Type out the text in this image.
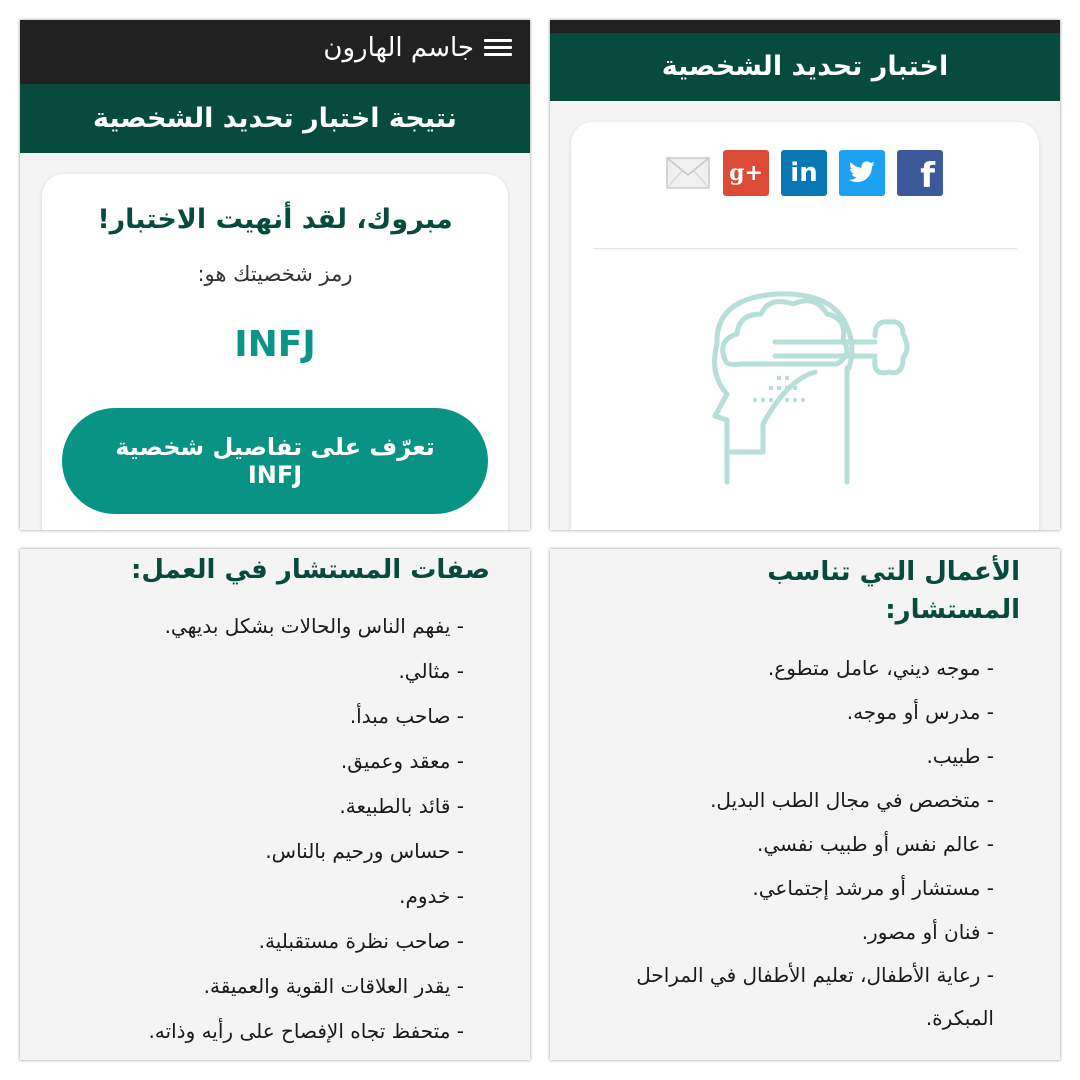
جاسم الهارون
نتيجة اختبار تحديد الشخصية
مبروك، لقد أنهيت الاختبار!
رمز شخصيتك هو:
INFJ
تعرّف على تفاصيل شخصية INFJ
اختبار تحديد الشخصية
g+ in	f
صفات المستشار في العمل:
- يفهم الناس والحالات بشكل بديهي.
- مثالي.
- صاحب مبدأ.
- معقد وعميق.
- قائد بالطبيعة.
- حساس ورحيم بالناس.
- خدوم.
- صاحب نظرة مستقبلية.
- يقدر العلاقات القوية والعميقة.
- متحفظ تجاه الإفصاح على رأيه وذاته.
الأعمال التي تناسب المستشار:
- موجه ديني، عامل متطوع.
- مدرس أو موجه.
- طبيب.
- متخصص في مجال الطب البديل.
- عالم نفس أو طبيب نفسي.
- مستشار أو مرشد إجتماعي.
- فنان أو مصور.
- رعاية الأطفال، تعليم الأطفال في المراحل المبكرة.
